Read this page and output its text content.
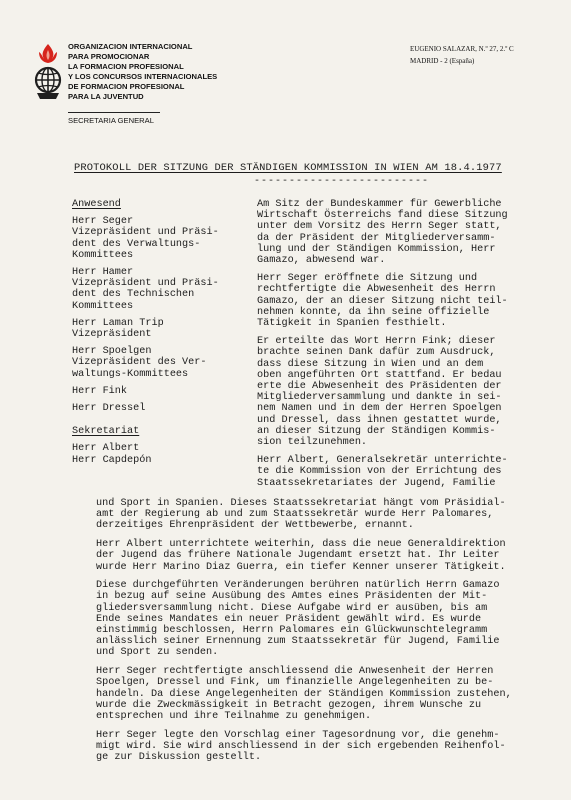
ORGANIZACION INTERNACIONAL
PARA PROMOCIONAR
LA FORMACION PROFESIONAL
Y LOS CONCURSOS INTERNACIONALES
DE FORMACION PROFESIONAL
PARA LA JUVENTUD
SECRETARIA GENERAL
EUGENIO SALAZAR, N.º 27, 2.º C
MADRID - 2 (España)
PROTOKOLL DER SITZUNG DER STÄNDIGEN KOMMISSION IN WIEN AM 18.4.1977
-------------------------
Anwesend
Herr Seger
Vizepräsident und Präsi-
dent des Verwaltungs-
Kommittees
Herr Hamer
Vizepräsident und Präsi-
dent des Technischen
Kommittees
Herr Laman Trip
Vizepräsident
Herr Spoelgen
Vizepräsident des Ver-
waltungs-Kommittees
Herr Fink
Herr Dressel
Sekretariat
Herr Albert
Herr Capdepón
Am Sitz der Bundeskammer für Gewerbliche
Wirtschaft Österreichs fand diese Sitzung
unter dem Vorsitz des Herrn Seger statt,
da der Präsident der Mitgliederversamm-
lung und der Ständigen Kommission, Herr
Gamazo, abwesend war.
Herr Seger eröffnete die Sitzung und
rechtfertigte die Abwesenheit des Herrn
Gamazo, der an dieser Sitzung nicht teil-
nehmen konnte, da ihn seine offizielle
Tätigkeit in Spanien festhielt.
Er erteilte das Wort Herrn Fink; dieser
brachte seinen Dank dafür zum Ausdruck,
dass diese Sitzung in Wien und an dem
oben angeführten Ort stattfand. Er bedau
erte die Abwesenheit des Präsidenten der
Mitgliederversammlung und dankte in sei-
nem Namen und in dem der Herren Spoelgen
und Dressel, dass ihnen gestattet wurde,
an dieser Sitzung der Ständigen Kommis-
sion teilzunehmen.
Herr Albert, Generalsekretär unterrichte-
te die Kommission von der Errichtung des
Staatssekretariates der Jugend, Familie
und Sport in Spanien. Dieses Staatssekretariat hängt vom Präsidial-
amt der Regierung ab und zum Staatssekretär wurde Herr Palomares,
derzeitiges Ehrenpräsident der Wettbewerbe, ernannt.
Herr Albert unterrichtete weiterhin, dass die neue Generaldirektion
der Jugend das frühere Nationale Jugendamt ersetzt hat. Ihr Leiter
wurde Herr Marino Diaz Guerra, ein tiefer Kenner unserer Tätigkeit.
Diese durchgeführten Veränderungen berühren natürlich Herrn Gamazo
in bezug auf seine Ausübung des Amtes eines Präsidenten der Mit-
gliedersversammlung nicht. Diese Aufgabe wird er ausüben, bis am
Ende seines Mandates ein neuer Präsident gewählt wird. Es wurde
einstimmig beschlossen, Herrn Palomares ein Glückwunschtelegramm
anlässlich seiner Ernennung zum Staatssekretär für Jugend, Familie
und Sport zu senden.
Herr Seger rechtfertigte anschliessend die Anwesenheit der Herren
Spoelgen, Dressel und Fink, um finanzielle Angelegenheiten zu be-
handeln. Da diese Angelegenheiten der Ständigen Kommission zustehen,
wurde die Zweckmässigkeit in Betracht gezogen, ihrem Wunsche zu
entsprechen und ihre Teilnahme zu genehmigen.
Herr Seger legte den Vorschlag einer Tagesordnung vor, die genehm-
migt wird. Sie wird anschliessend in der sich ergebenden Reihenfol-
ge zur Diskussion gestellt.
